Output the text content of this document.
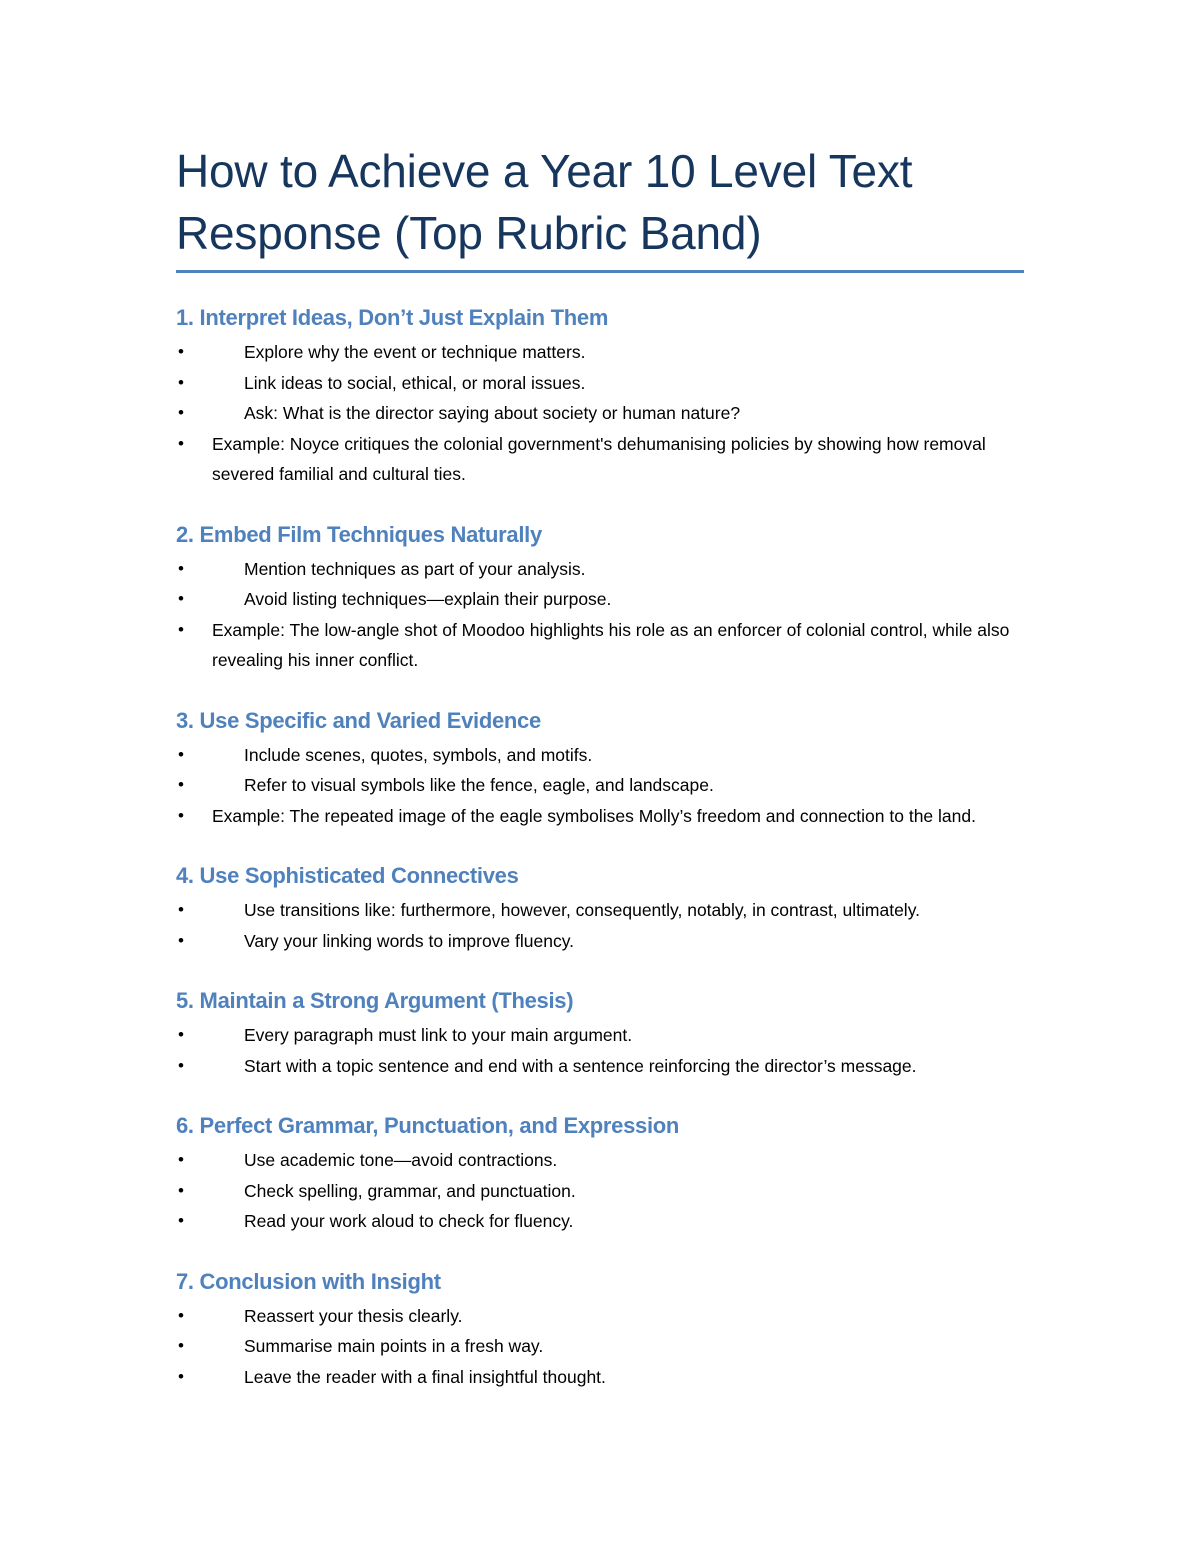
How to Achieve a Year 10 Level Text Response (Top Rubric Band)
1. Interpret Ideas, Don’t Just Explain Them
•	Explore why the event or technique matters.
•	Link ideas to social, ethical, or moral issues.
•	Ask: What is the director saying about society or human nature?
• Example: Noyce critiques the colonial government's dehumanising policies by showing how removal severed familial and cultural ties.
2. Embed Film Techniques Naturally
•	Mention techniques as part of your analysis.
•	Avoid listing techniques—explain their purpose.
• Example: The low-angle shot of Moodoo highlights his role as an enforcer of colonial control, while also revealing his inner conflict.
3. Use Specific and Varied Evidence
•	Include scenes, quotes, symbols, and motifs.
•	Refer to visual symbols like the fence, eagle, and landscape.
• Example: The repeated image of the eagle symbolises Molly’s freedom and connection to the land.
4. Use Sophisticated Connectives
•	Use transitions like: furthermore, however, consequently, notably, in contrast, ultimately.
•	Vary your linking words to improve fluency.
5. Maintain a Strong Argument (Thesis)
•	Every paragraph must link to your main argument.
•	Start with a topic sentence and end with a sentence reinforcing the director’s message.
6. Perfect Grammar, Punctuation, and Expression
•	Use academic tone—avoid contractions.
•	Check spelling, grammar, and punctuation.
•	Read your work aloud to check for fluency.
7. Conclusion with Insight
•	Reassert your thesis clearly.
•	Summarise main points in a fresh way.
•	Leave the reader with a final insightful thought.
